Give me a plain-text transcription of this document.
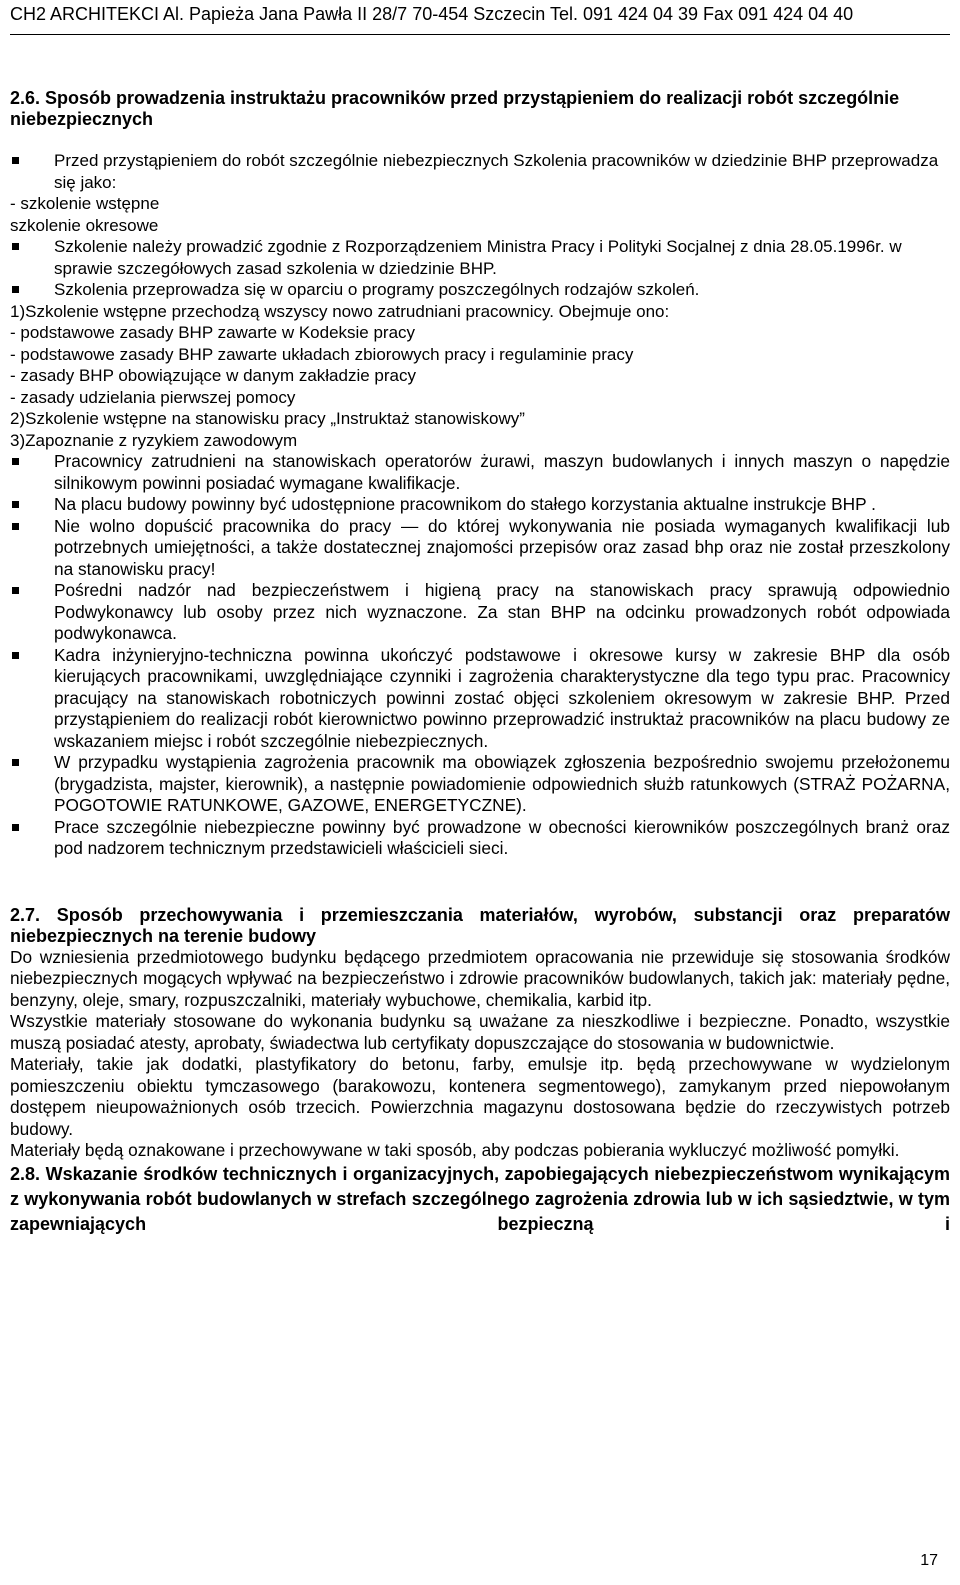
CH2 ARCHITEKCI Al. Papieża Jana Pawła II 28/7 70-454 Szczecin Tel. 091 424 04 39 Fax 091 424 04 40
2.6. Sposób prowadzenia instruktażu pracowników przed przystąpieniem do realizacji robót szczególnie niebezpiecznych
Przed przystąpieniem do robót szczególnie niebezpiecznych Szkolenia pracowników w dziedzinie BHP przeprowadza się jako:
- szkolenie wstępne
szkolenie okresowe
Szkolenie należy prowadzić zgodnie z Rozporządzeniem Ministra Pracy i Polityki Socjalnej z dnia 28.05.1996r. w sprawie szczegółowych zasad szkolenia w dziedzinie BHP.
Szkolenia przeprowadza się w oparciu o programy poszczególnych rodzajów szkoleń.
1)Szkolenie wstępne przechodzą wszyscy nowo zatrudniani pracownicy. Obejmuje ono:
- podstawowe zasady BHP zawarte w Kodeksie pracy
- podstawowe zasady BHP zawarte układach zbiorowych pracy i regulaminie pracy
- zasady BHP obowiązujące w danym zakładzie pracy
- zasady udzielania pierwszej pomocy
2)Szkolenie wstępne na stanowisku pracy „Instruktaż stanowiskowy”
3)Zapoznanie z ryzykiem zawodowym
Pracownicy zatrudnieni na stanowiskach operatorów żurawi, maszyn budowlanych i innych maszyn o napędzie silnikowym powinni posiadać wymagane kwalifikacje.
Na placu budowy powinny być udostępnione pracownikom do stałego korzystania aktualne instrukcje BHP .
Nie wolno dopuścić pracownika do pracy — do której wykonywania nie posiada wymaganych kwalifikacji lub potrzebnych umiejętności, a także dostatecznej znajomości przepisów oraz zasad bhp oraz nie został przeszkolony na stanowisku pracy!
Pośredni nadzór nad bezpieczeństwem i higieną pracy na stanowiskach pracy sprawują odpowiednio Podwykonawcy lub osoby przez nich wyznaczone. Za stan BHP na odcinku prowadzonych robót odpowiada podwykonawca.
Kadra inżynieryjno-techniczna powinna ukończyć podstawowe i okresowe kursy w zakresie BHP dla osób kierujących pracownikami, uwzględniające czynniki i zagrożenia charakterystyczne dla tego typu prac. Pracownicy pracujący na stanowiskach robotniczych powinni zostać objęci szkoleniem okresowym w zakresie BHP. Przed przystąpieniem do realizacji robót kierownictwo powinno przeprowadzić instruktaż pracowników na placu budowy ze wskazaniem miejsc i robót szczególnie niebezpiecznych.
W przypadku wystąpienia zagrożenia pracownik ma obowiązek zgłoszenia bezpośrednio swojemu przełożonemu (brygadzista, majster, kierownik), a następnie powiadomienie odpowiednich służb ratunkowych (STRAŻ POŻARNA, POGOTOWIE RATUNKOWE, GAZOWE, ENERGETYCZNE).
Prace szczególnie niebezpieczne powinny być prowadzone w obecności kierowników poszczególnych branż oraz pod nadzorem technicznym przedstawicieli właścicieli sieci.
2.7. Sposób przechowywania i przemieszczania materiałów, wyrobów, substancji oraz preparatów niebezpiecznych na terenie budowy
Do wzniesienia przedmiotowego budynku będącego przedmiotem opracowania nie przewiduje się stosowania środków niebezpiecznych mogących wpływać na bezpieczeństwo i zdrowie pracowników budowlanych, takich jak: materiały pędne, benzyny, oleje, smary, rozpuszczalniki, materiały wybuchowe, chemikalia, karbid itp.
Wszystkie materiały stosowane do wykonania budynku są uważane za nieszkodliwe i bezpieczne. Ponadto, wszystkie muszą posiadać atesty, aprobaty, świadectwa lub certyfikaty dopuszczające do stosowania w budownictwie.
Materiały, takie jak dodatki, plastyfikatory do betonu, farby, emulsje itp. będą przechowywane w wydzielonym pomieszczeniu obiektu tymczasowego (barakowozu, kontenera segmentowego), zamykanym przed niepowołanym dostępem nieupoważnionych osób trzecich. Powierzchnia magazynu dostosowana będzie do rzeczywistych potrzeb budowy.
Materiały będą oznakowane i przechowywane w taki sposób, aby podczas pobierania wykluczyć możliwość pomyłki.
2.8. Wskazanie środków technicznych i organizacyjnych, zapobiegających niebezpieczeństwom wynikającym z wykonywania robót budowlanych w strefach szczególnego zagrożenia zdrowia lub w ich sąsiedztwie, w tym zapewniających bezpieczną i
17
